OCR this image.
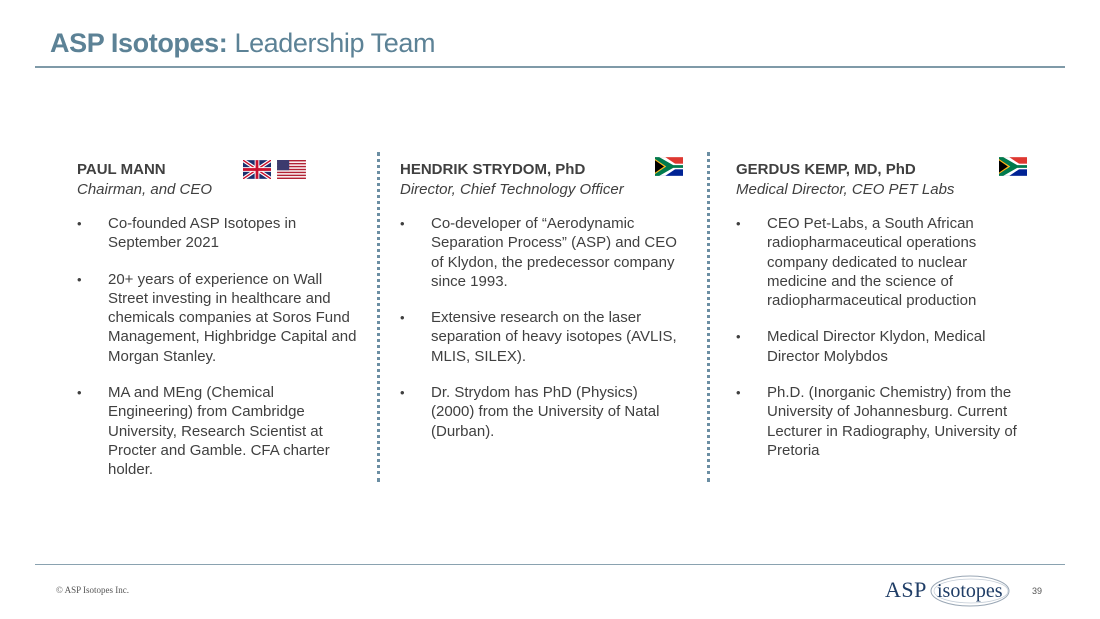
ASP Isotopes: Leadership Team

PAUL MANN

Chairman, and CEO

• Co-founded ASP Isotopes in September 2021
• 20+ years of experience on Wall Street investing in healthcare and chemicals companies at Soros Fund Management, Highbridge Capital and Morgan Stanley.
• MA and MEng (Chemical Engineering) from Cambridge University, Research Scientist at Procter and Gamble. CFA charter holder.

HENDRIK STRYDOM, PhD

Director, Chief Technology Officer

• Co-developer of “Aerodynamic Separation Process” (ASP) and CEO of Klydon, the predecessor company since 1993.
• Extensive research on the laser separation of heavy isotopes (AVLIS, MLIS, SILEX).
• Dr. Strydom has PhD (Physics) (2000) from the University of Natal (Durban).

GERDUS KEMP, MD, PhD

Medical Director, CEO PET Labs

• CEO Pet-Labs, a South African radiopharmaceutical operations company dedicated to nuclear medicine and the science of radiopharmaceutical production
• Medical Director Klydon, Medical Director Molybdos
• Ph.D. (Inorganic Chemistry) from the University of Johannesburg. Current Lecturer in Radiography, University of Pretoria
© ASP Isotopes Inc.	ASP isotopes	39
